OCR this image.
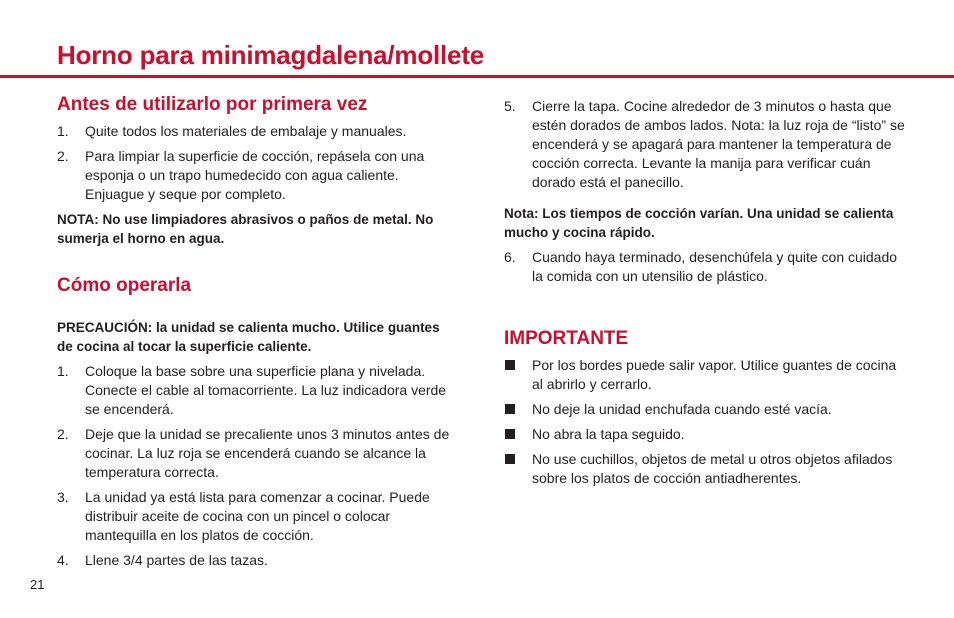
Horno para minimagdalena/mollete
Antes de utilizarlo por primera vez
1. Quite todos los materiales de embalaje y manuales.
2. Para limpiar la superficie de cocción, repásela con una esponja o un trapo humedecido con agua caliente. Enjuague y seque por completo.

NOTA: No use limpiadores abrasivos o paños de metal. No sumerja el horno en agua.

Cómo operarla

PRECAUCIÓN: la unidad se calienta mucho. Utilice guantes de cocina al tocar la superficie caliente.

1. Coloque la base sobre una superficie plana y nivelada. Conecte el cable al tomacorriente. La luz indicadora verde se encenderá.
2. Deje que la unidad se precaliente unos 3 minutos antes de cocinar. La luz roja se encenderá cuando se alcance la temperatura correcta.
3. La unidad ya está lista para comenzar a cocinar. Puede distribuir aceite de cocina con un pincel o colocar mantequilla en los platos de cocción.
4. Llene 3/4 partes de las tazas.
5. Cierre la tapa. Cocine alrededor de 3 minutos o hasta que estén dorados de ambos lados. Nota: la luz roja de “listo” se encenderá y se apagará para mantener la temperatura de cocción correcta. Levante la manija para verificar cuán dorado está el panecillo.

Nota: Los tiempos de cocción varían. Una unidad se calienta mucho y cocina rápido.

6. Cuando haya terminado, desenchúfela y quite con cuidado la comida con un utensilio de plástico.
IMPORTANTE
Por los bordes puede salir vapor. Utilice guantes de cocina al abrirlo y cerrarlo.
No deje la unidad enchufada cuando esté vacía.
No abra la tapa seguido.
No use cuchillos, objetos de metal u otros objetos afilados sobre los platos de cocción antiadherentes.
21
